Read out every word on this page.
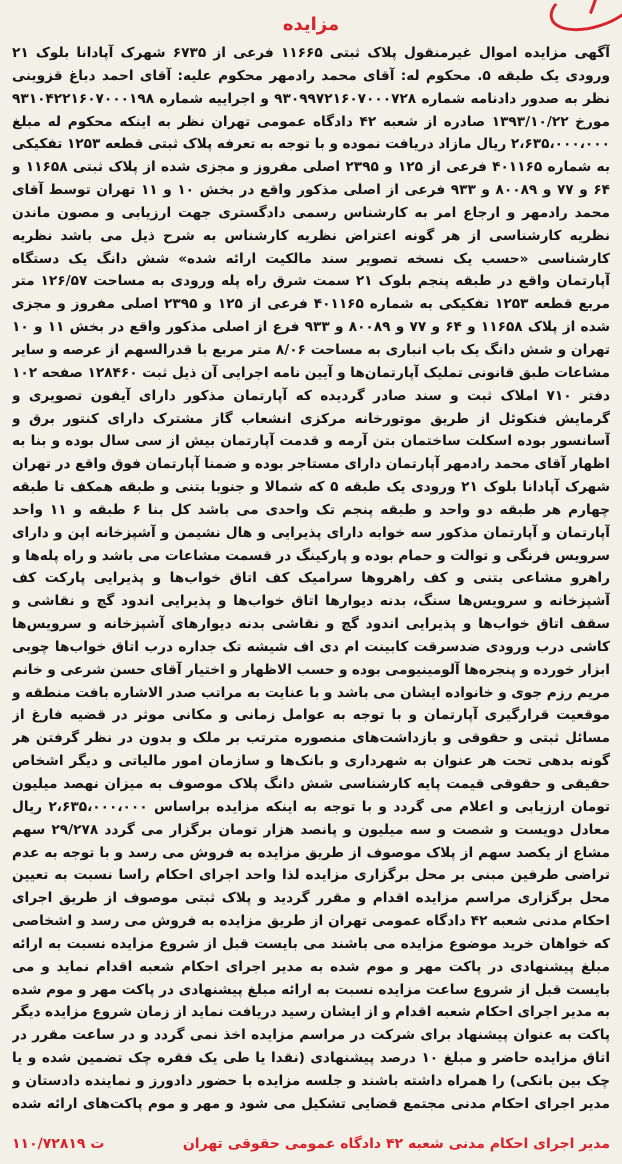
مزایده
آگهی مزایده اموال غیرمنقول پلاک ثبتی ۱۱۶۶۵ فرعی از ۶۷۳۵ شهرک آپادانا بلوک ۲۱ ورودی یک طبقه ۵. محکوم له: آقای محمد رادمهر محکوم علیه: آقای احمد دباغ قزوینی نظر به صدور دادنامه شماره ۹۳۰۹۹۷۲۱۶۰۷۰۰۰۷۲۸ و اجراییه شماره ۹۳۱۰۴۲۲۱۶۰۷۰۰۰۱۹۸ مورخ ۱۳۹۳/۱۰/۲۲ صادره از شعبه ۴۲ دادگاه عمومی تهران نظر به اینکه محکوم له مبلغ ۲،۶۳۵،۰۰۰،۰۰۰ ریال مازاد دریافت نموده و با توجه به تعرفه پلاک ثبتی قطعه ۱۲۵۳ تفکیکی به شماره ۴۰۱۱۶۵ فرعی از ۱۲۵ و ۲۳۹۵ اصلی مفروز و مجزی شده از پلاک ثبتی ۱۱۶۵۸ و ۶۴ و ۷۷ و ۸۰۰۸۹ و ۹۳۳ فرعی از اصلی مذکور واقع در بخش ۱۰ و ۱۱ تهران توسط آقای محمد رادمهر و ارجاع امر به کارشناس رسمی دادگستری جهت ارزیابی و مصون ماندن نظریه کارشناسی از هر گونه اعتراض نظریه کارشناس به شرح ذیل می باشد نظریه کارشناسی «حسب یک نسخه تصویر سند مالکیت ارائه شده» شش دانگ یک دستگاه آپارتمان واقع در طبقه پنجم بلوک ۲۱ سمت شرق راه پله ورودی به مساحت ۱۲۶/۵۷ متر مربع قطعه ۱۲۵۳ تفکیکی به شماره ۴۰۱۱۶۵ فرعی از ۱۲۵ و ۲۳۹۵ اصلی مفروز و مجزی شده از پلاک ۱۱۶۵۸ و ۶۴ و ۷۷ و ۸۰۰۸۹ و ۹۳۳ فرع از اصلی مذکور واقع در بخش ۱۱ و ۱۰ تهران و شش دانگ یک باب انباری به مساحت ۸/۰۶ متر مربع با قدرالسهم از عرصه و سایر مشاعات طبق قانونی تملیک آپارتمان‌ها و آیین نامه اجرایی آن ذیل ثبت ۱۲۸۴۶۰ صفحه ۱۰۲ دفتر ۷۱۰ املاک ثبت و سند صادر گردیده که آپارتمان مذکور دارای آیفون تصویری و گرمایش فنکوئل از طریق موتورخانه مرکزی انشعاب گاز مشترک دارای کنتور برق و آسانسور بوده اسکلت ساختمان بتن آرمه و قدمت آپارتمان بیش از سی سال بوده و بنا به اظهار آقای محمد رادمهر آپارتمان دارای مستاجر بوده و ضمنا آپارتمان فوق واقع در تهران شهرک آپادانا بلوک ۲۱ ورودی یک طبقه ۵ که شمالا و جنوبا بتنی و طبقه همکف تا طبقه چهارم هر طبقه دو واحد و طبقه پنجم تک واحدی می باشد کل بنا ۶ طبقه و ۱۱ واحد آپارتمان و آپارتمان مذکور سه خوابه دارای پذیرایی و هال نشیمن و آشپزخانه اپن و دارای سرویس فرنگی و توالت و حمام بوده و پارکینگ در قسمت مشاعات می باشد و راه پله‌ها و راهرو مشاعی بتنی و کف راهروها سرامیک کف اتاق خواب‌ها و پذیرایی پارکت کف آشپزخانه و سرویس‌ها سنگ، بدنه دیوارها اتاق خواب‌ها و پذیرایی اندود گچ و نقاشی و سقف اتاق خواب‌ها و پذیرایی اندود گچ و نقاشی بدنه دیوارهای آشپزخانه و سرویس‌ها کاشی درب ورودی ضدسرقت کابینت ام دی اف شیشه تک جداره درب اتاق خواب‌ها چوبی ابزار خورده و پنجره‌ها آلومینیومی بوده و حسب الاظهار و اختیار آقای حسن شرعی و خانم مریم رزم جوی و خانواده ایشان می باشد و با عنایت به مراتب صدر الاشاره بافت منطقه و موقعیت قرارگیری آپارتمان و با توجه به عوامل زمانی و مکانی موثر در قضیه فارغ از مسائل ثبتی و حقوقی و بازداشت‌های منصوره مترتب بر ملک و بدون در نظر گرفتن هر گونه بدهی تحت هر عنوان به شهرداری و بانک‌ها و سازمان امور مالیاتی و دیگر اشخاص حقیقی و حقوقی قیمت پایه کارشناسی شش دانگ پلاک موصوف به میزان نهصد میلیون تومان ارزیابی و اعلام می گردد و با توجه به اینکه مزایده براساس ۲،۶۳۵،۰۰۰،۰۰۰ ریال معادل دویست و شصت و سه میلیون و پانصد هزار تومان برگزار می گردد ۲۹/۲۷۸ سهم مشاع از یکصد سهم از پلاک موصوف از طریق مزایده به فروش می رسد و با توجه به عدم تراضی طرفین مبنی بر محل برگزاری مزایده لذا واحد اجرای احکام راسا نسبت به تعیین محل برگزاری مراسم مزایده اقدام و مقرر گردید و پلاک ثبتی موصوف از طریق اجرای احکام مدنی شعبه ۴۲ دادگاه عمومی تهران از طریق مزایده به فروش می رسد و اشخاصی که خواهان خرید موضوع مزایده می باشند می بایست قبل از شروع مزایده نسبت به ارائه مبلغ پیشنهادی در پاکت مهر و موم شده به مدیر اجرای احکام شعبه اقدام نماید و می بایست قبل از شروع ساعت مزایده نسبت به ارائه مبلغ پیشنهادی در پاکت مهر و موم شده به مدیر اجرای احکام شعبه اقدام و از ایشان رسید دریافت نماید از زمان شروع مزایده دیگر پاکت به عنوان پیشنهاد برای شرکت در مراسم مزایده اخذ نمی گردد و در ساعت مقرر در اتاق مزایده حاضر و مبلغ ۱۰ درصد پیشنهادی (نقدا یا طی یک فقره چک تضمین شده و یا چک بین بانکی) را همراه داشته باشند و جلسه مزایده با حضور دادورز و نماینده دادستان و مدیر اجرای احکام مدنی مجتمع قضایی تشکیل می شود و مهر و موم پاکت‌های ارائه شده
مدیر اجرای احکام مدنی شعبه ۴۲ دادگاه عمومی حقوقی تهران
۱۱۰/۷۲۸۱۹ ت
